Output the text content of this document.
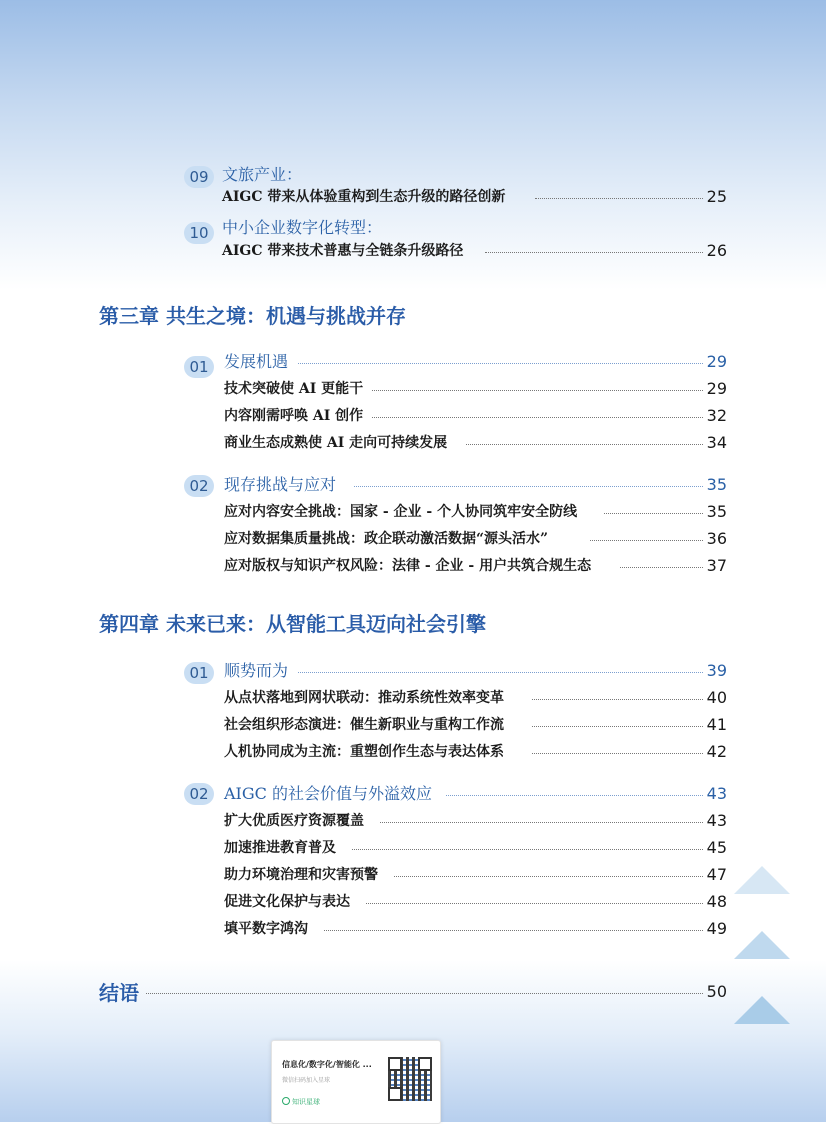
09 文旅产业：
AIGC 带来从体验重构到生态升级的路径创新	25
10 中小企业数字化转型：
AIGC 带来技术普惠与全链条升级路径	26
第三章 共生之境：机遇与挑战并存
01 发展机遇	29
技术突破使 AI 更能干	29
内容刚需呼唤 AI 创作	32
商业生态成熟使 AI 走向可持续发展	34
02 现存挑战与应对	35
应对内容安全挑战：国家 - 企业 - 个人协同筑牢安全防线	35
应对数据集质量挑战：政企联动激活数据“源头活水”	36
应对版权与知识产权风险：法律 - 企业 - 用户共筑合规生态	37
第四章 未来已来：从智能工具迈向社会引擎
01 顺势而为	39
从点状落地到网状联动：推动系统性效率变革	40
社会组织形态演进：催生新职业与重构工作流	41
人机协同成为主流：重塑创作生态与表达体系	42
02 AIGC 的社会价值与外溢效应	43
扩大优质医疗资源覆盖	43
加速推进教育普及	45
助力环境治理和灾害预警	47
促进文化保护与表达	48
填平数字鸿沟	49
结语	50
信息化/数字化/智能化 ...
微信扫码加入星球
知识星球
